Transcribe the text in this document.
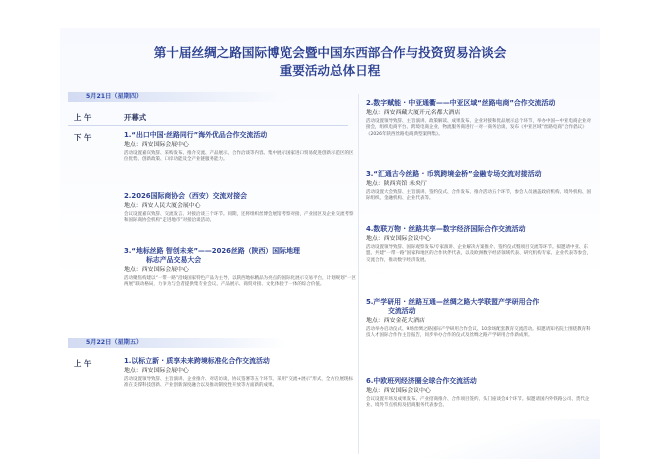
第十届丝绸之路国际博览会暨中国东西部合作与投资贸易洽谈会
重要活动总体日程
5月21日（星期四）
上 午	开幕式
下 午	1.“出口中国·丝路同行”海外优品合作交流活动
地点：西安国际会展中心
活动设置嘉宾致辞、采购发布、推介交流、产品展示、合作洽谈等内容。集中展示国家进口贸易促进创新示范区的区位优势、创新政策、口岸功能及全产业链服务能力。
2.2026国际商协会（西安）交流对接会
地点：西安人民大厦会展中心
会议设置嘉宾致辞、交流发言、对接洽谈三个环节。同期，还将组织丝博会展馆考察对接，产业园区及企业交流考察和国际商协会机构“走进地市”对接洽谈活动。
3.“地标丝路 智创未来”——2026丝路（陕西）国际地理
标志产品交易大会
地点：西安国际会展中心
活动聚焦构建以“一带一路”沿线国家特色产品为主导，以陕西地标精品为亮点的国际化展示交易平台，计划规划“一区两展”联动格局，力争为与会者提供集专业会议、产品展示、商贸对接、文化体验于一体的综合价值。
5月22日（星期五）
上 午	1.以标立新 · 质享未来跨境标准化合作交流活动
地点：西安国际会展中心
活动设置领导致辞、主旨演讲、企业推介、对话访谈、协议签署等五个环节。采用“交流+展示”形式，全方位展现标准在支撑科技创新、产业创新深度融合以及推动制度性开放等方面新的成果。
2.数字赋能 · 中亚通衢——中亚区域“丝路电商”合作交流活动
地点：西安西藏大厦开元名都大酒店
活动设置领导致辞、主旨演讲、政策解读、成果发布、企业对接和优品展示总个环节，举办中国—中亚电商企业对接会，组织电商平台、跨境电商企业，物流服务商进行一对一商务洽谈，发布《中亚区域“丝路电商”合作倡议》《2026年陕西丝路电商典型案例集》。
3.“汇通古今丝路 · 币筑跨境金桥”金融专场交流对接活动
地点：陕西宾馆 未央厅
活动设置大会致辞、主旨演讲、签约仪式、合作发布、推介活动五个环节，参会人员涵盖政府机构、境外机构、国际组织、金融机构、企业代表等。
4.数联万物 · 丝路共享—数字经济国际合作交流活动
地点：西安国际会议中心
活动设置领导致辞、国际观察发布/专家演讲、企业解决方案推介、签约仪式暨项目交流等环节。拟邀请中亚、东盟、共建“一带一路”国家和地区的合作伙伴代表，以及欧洲数字经济领域代表、研究机构专家、企业代表等参会，交流合作，推动数字经济发展。
5.产学研用 · 丝路互通—丝绸之路大学联盟产学研用合作
交流活动
地点：西安金花大酒店
活动举办启动仪式、9场丝绸之路国际产学研用合作会议、10余场配套教育交流活动。拟邀请知名院士围绕教育科技人才国际合作作主旨报告，同步举办合作的仪式及丝绸之路产学研用合作新成果。
6.中欧班列经济圈全球合作交流活动
地点：西安国际会议中心
会议设置开场及成果发布、产业招商推介、合作项目签约、头门座谈会4个环节。拟邀请国内外铁路公司、货代企业、境外节点机构及招商服务代表参会。
